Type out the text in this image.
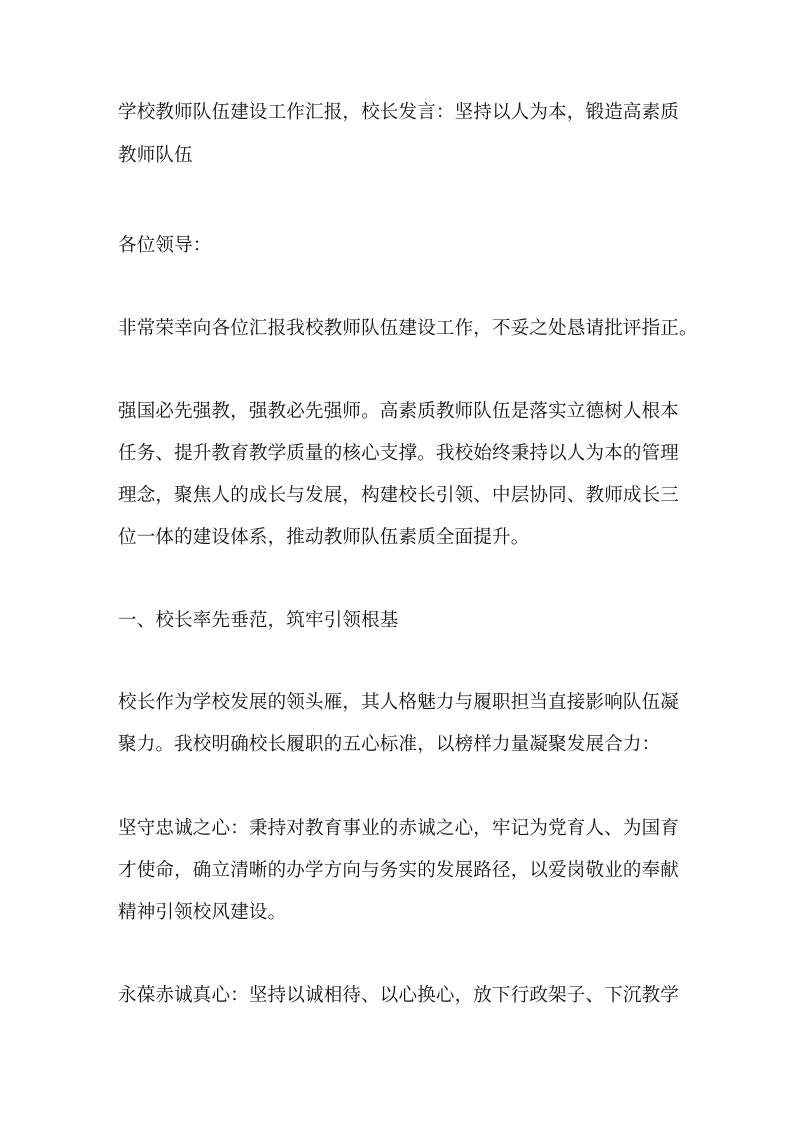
学校教师队伍建设工作汇报，校长发言：坚持以人为本，锻造高素质
教师队伍
各位领导：
非常荣幸向各位汇报我校教师队伍建设工作，不妥之处恳请批评指正。
强国必先强教，强教必先强师。高素质教师队伍是落实立德树人根本
任务、提升教育教学质量的核心支撑。我校始终秉持以人为本的管理
理念，聚焦人的成长与发展，构建校长引领、中层协同、教师成长三
位一体的建设体系，推动教师队伍素质全面提升。
一、校长率先垂范，筑牢引领根基
校长作为学校发展的领头雁，其人格魅力与履职担当直接影响队伍凝
聚力。我校明确校长履职的五心标准，以榜样力量凝聚发展合力：
坚守忠诚之心：秉持对教育事业的赤诚之心，牢记为党育人、为国育
才使命，确立清晰的办学方向与务实的发展路径，以爱岗敬业的奉献
精神引领校风建设。
永葆赤诚真心：坚持以诚相待、以心换心，放下行政架子、下沉教学
